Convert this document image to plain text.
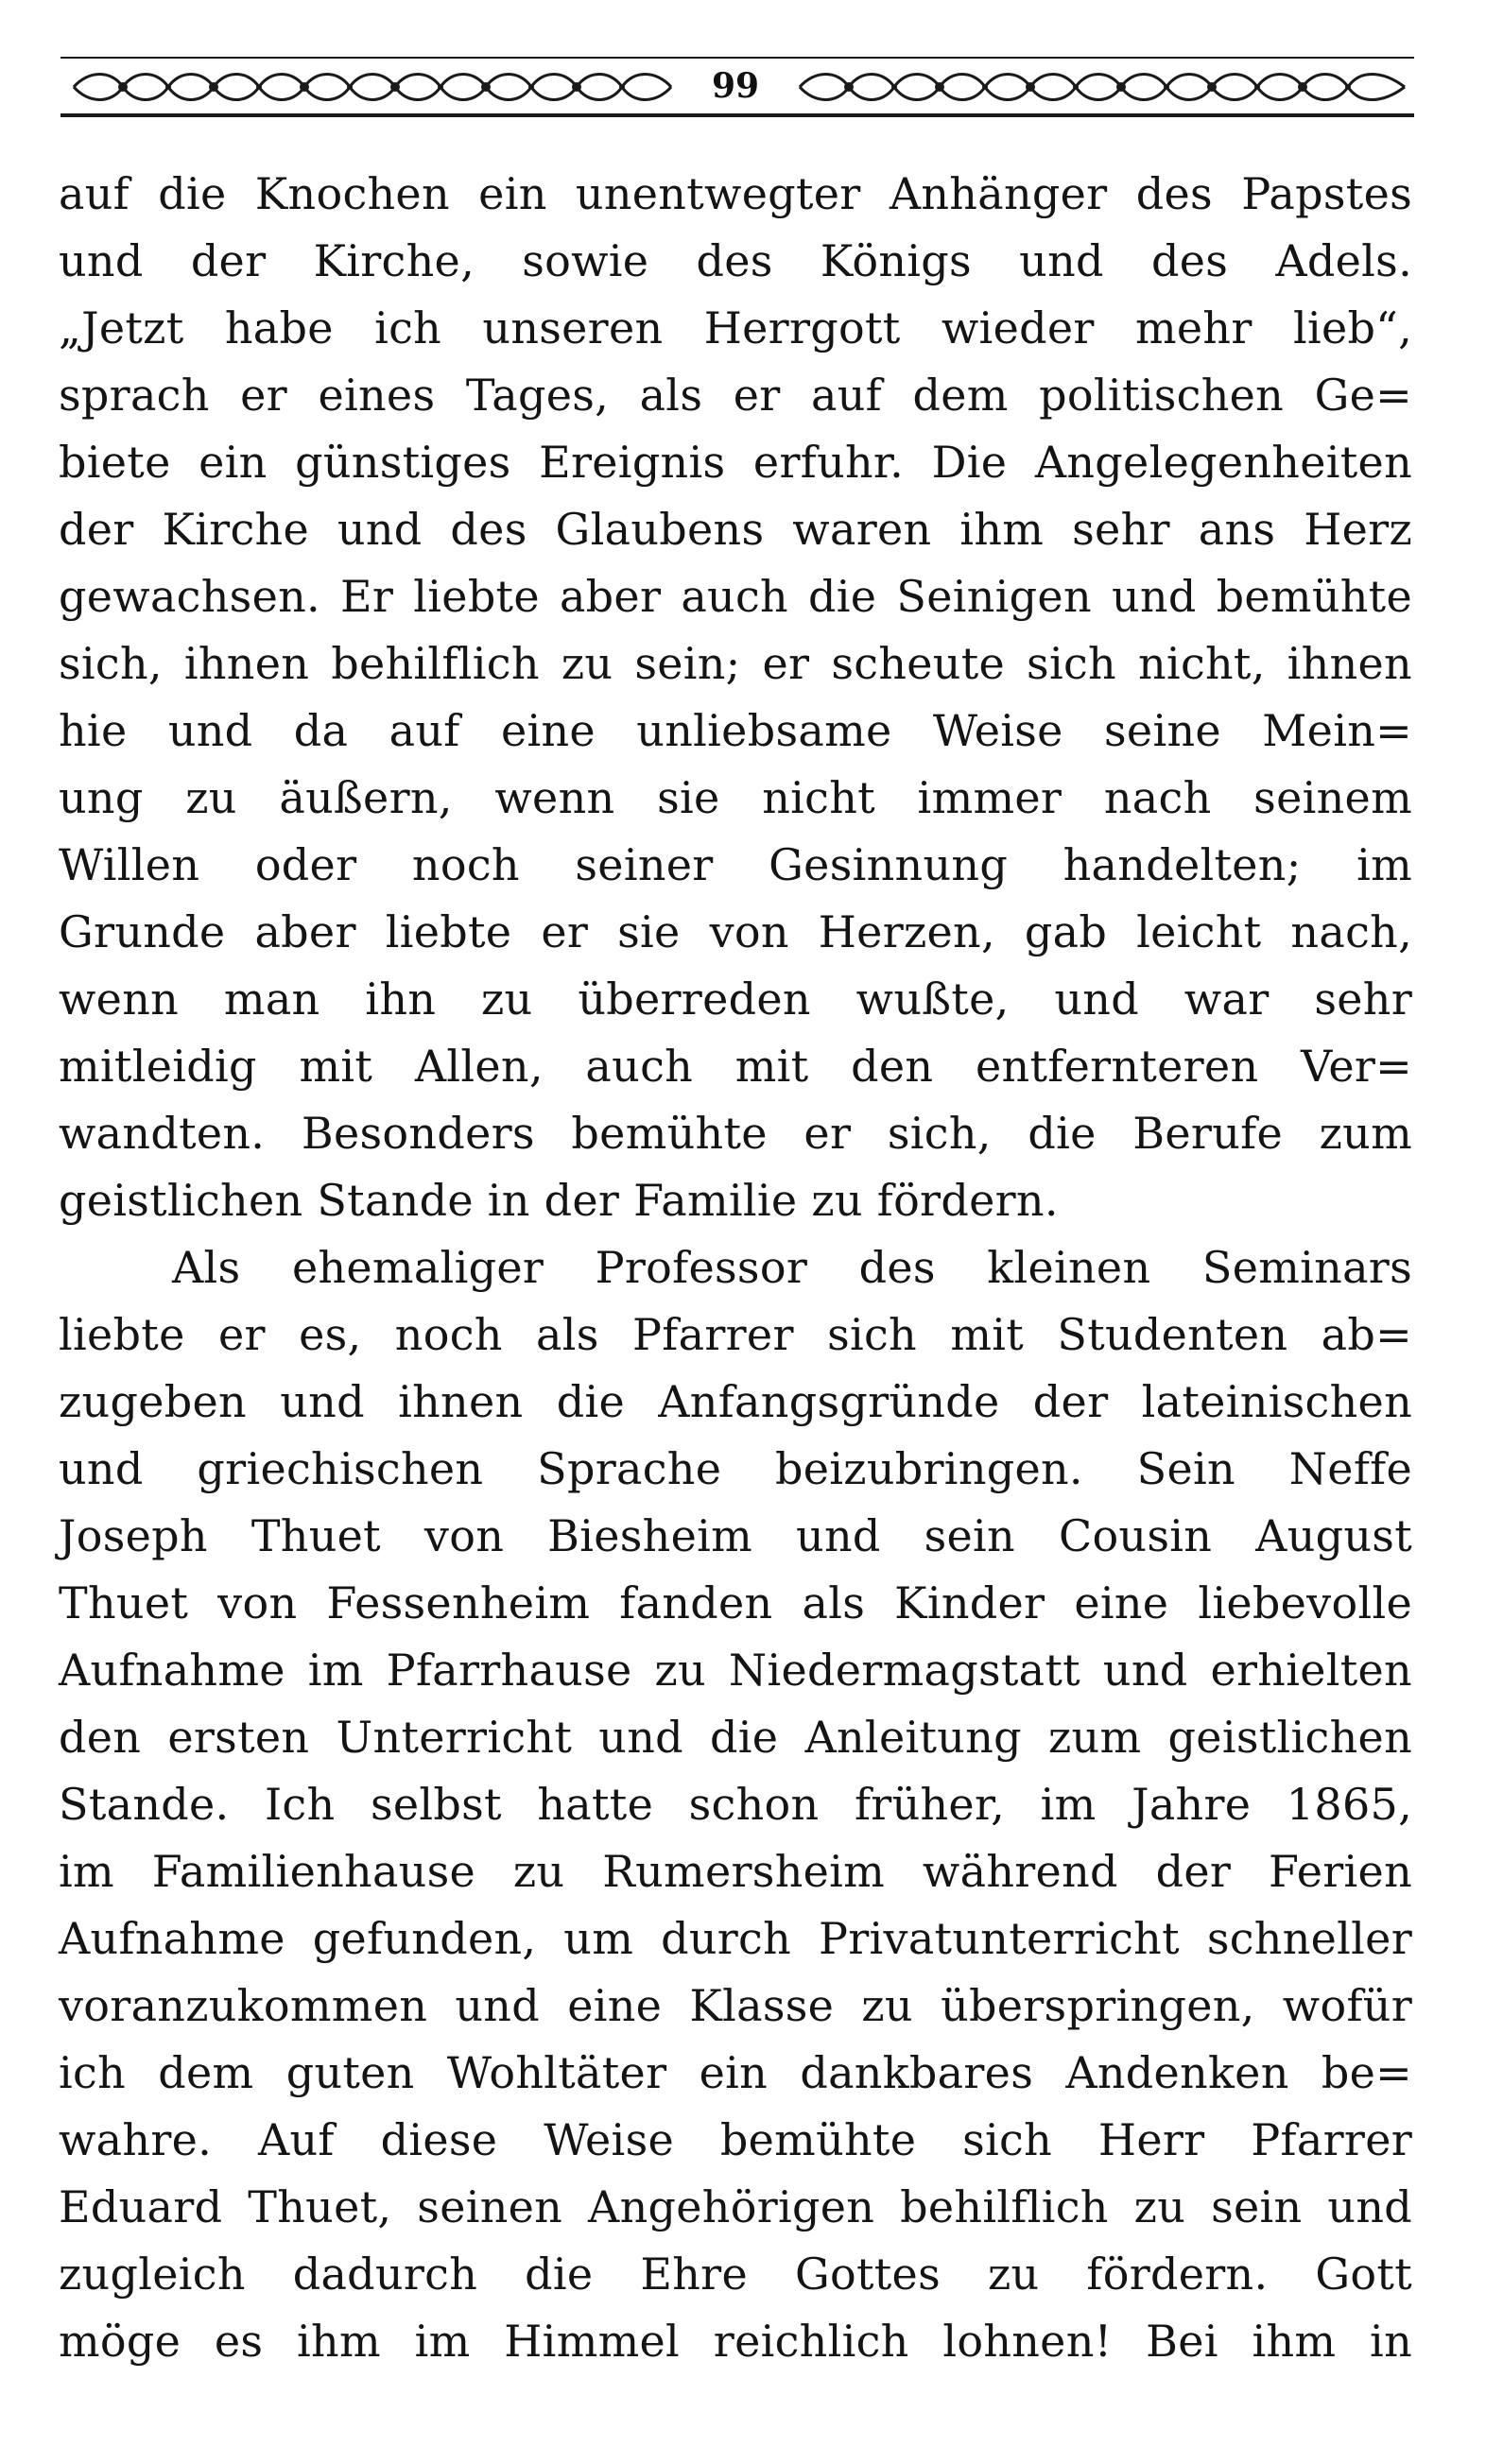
99
auf die Knochen ein unentwegter Anhänger des Papstes
und der Kirche, sowie des Königs und des Adels.
„Jetzt habe ich unseren Herrgott wieder mehr lieb“,
sprach er eines Tages, als er auf dem politischen Ge=
biete ein günstiges Ereignis erfuhr. Die Angelegenheiten
der Kirche und des Glaubens waren ihm sehr ans Herz
gewachsen. Er liebte aber auch die Seinigen und bemühte
sich, ihnen behilflich zu sein; er scheute sich nicht, ihnen
hie und da auf eine unliebsame Weise seine Mein=
ung zu äußern, wenn sie nicht immer nach seinem
Willen oder noch seiner Gesinnung handelten; im
Grunde aber liebte er sie von Herzen, gab leicht nach,
wenn man ihn zu überreden wußte, und war sehr
mitleidig mit Allen, auch mit den entfernteren Ver=
wandten. Besonders bemühte er sich, die Berufe zum
geistlichen Stande in der Familie zu fördern.
Als ehemaliger Professor des kleinen Seminars
liebte er es, noch als Pfarrer sich mit Studenten ab=
zugeben und ihnen die Anfangsgründe der lateinischen
und griechischen Sprache beizubringen. Sein Neffe
Joseph Thuet von Biesheim und sein Cousin August
Thuet von Fessenheim fanden als Kinder eine liebevolle
Aufnahme im Pfarrhause zu Niedermagstatt und erhielten
den ersten Unterricht und die Anleitung zum geistlichen
Stande. Ich selbst hatte schon früher, im Jahre 1865,
im Familienhause zu Rumersheim während der Ferien
Aufnahme gefunden, um durch Privatunterricht schneller
voranzukommen und eine Klasse zu überspringen, wofür
ich dem guten Wohltäter ein dankbares Andenken be=
wahre. Auf diese Weise bemühte sich Herr Pfarrer
Eduard Thuet, seinen Angehörigen behilflich zu sein und
zugleich dadurch die Ehre Gottes zu fördern. Gott
möge es ihm im Himmel reichlich lohnen! Bei ihm in
